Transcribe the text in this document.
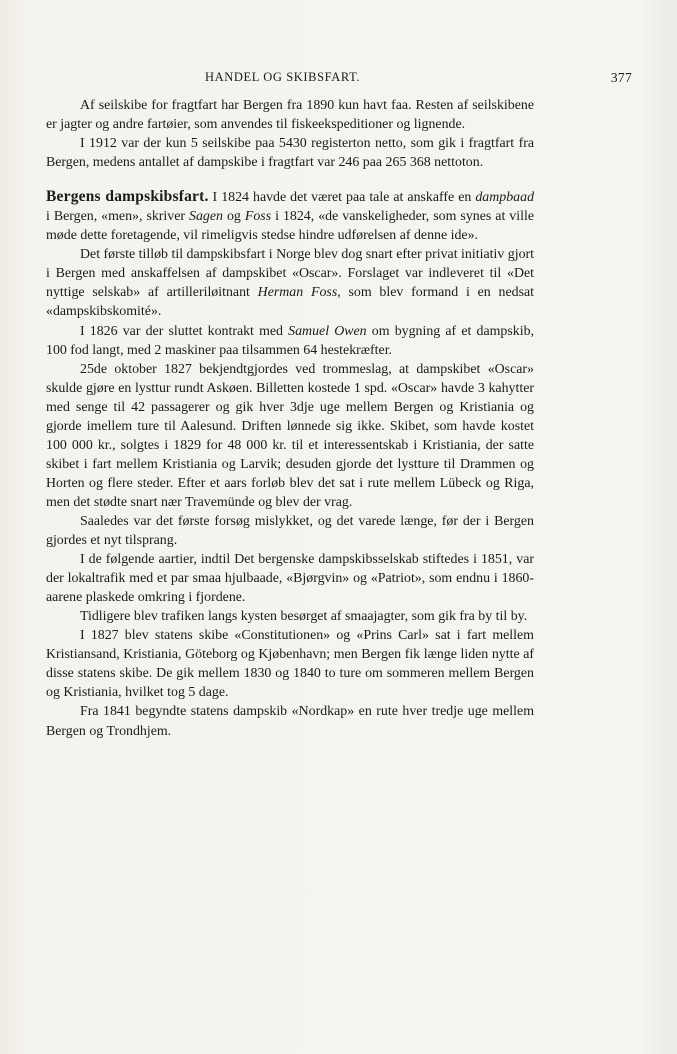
HANDEL OG SKIBSFART.	377

Af seilskibe for fragtfart har Bergen fra 1890 kun havt faa. Resten af seilskibene er jagter og andre fartøier, som anvendes til fiskeekspeditioner og lignende.

I 1912 var der kun 5 seilskibe paa 5430 registerton netto, som gik i fragtfart fra Bergen, medens antallet af dampskibe i fragtfart var 246 paa 265 368 nettoton.

Bergens dampskibsfart. I 1824 havde det været paa tale at anskaffe en dampbaad i Bergen, «men», skriver Sagen og Foss i 1824, «de vanskeligheder, som synes at ville møde dette foretagende, vil rimeligvis stedse hindre udførelsen af denne ide».

Det første tilløb til dampskibsfart i Norge blev dog snart efter privat initiativ gjort i Bergen med anskaffelsen af dampskibet «Oscar». Forslaget var indleveret til «Det nyttige selskab» af artilleriløitnant Herman Foss, som blev formand i en nedsat «dampskibskomité».

I 1826 var der sluttet kontrakt med Samuel Owen om bygning af et dampskib, 100 fod langt, med 2 maskiner paa tilsammen 64 hestekræfter.

25de oktober 1827 bekjendtgjordes ved trommeslag, at dampskibet «Oscar» skulde gjøre en lysttur rundt Askøen. Billetten kostede 1 spd. «Oscar» havde 3 kahytter med senge til 42 passagerer og gik hver 3dje uge mellem Bergen og Kristiania og gjorde imellem ture til Aalesund. Driften lønnede sig ikke. Skibet, som havde kostet 100 000 kr., solgtes i 1829 for 48 000 kr. til et interessentskab i Kristiania, der satte skibet i fart mellem Kristiania og Larvik; desuden gjorde det lystture til Drammen og Horten og flere steder. Efter et aars forløb blev det sat i rute mellem Lübeck og Riga, men det stødte snart nær Travemünde og blev der vrag.

Saaledes var det første forsøg mislykket, og det varede længe, før der i Bergen gjordes et nyt tilsprang.

I de følgende aartier, indtil Det bergenske dampskibsselskab stiftedes i 1851, var der lokaltrafik med et par smaa hjulbaade, «Bjørgvin» og «Patriot», som endnu i 1860-aarene plaskede omkring i fjordene.

Tidligere blev trafiken langs kysten besørget af smaajagter, som gik fra by til by.

I 1827 blev statens skibe «Constitutionen» og «Prins Carl» sat i fart mellem Kristiansand, Kristiania, Göteborg og Kjøbenhavn; men Bergen fik længe liden nytte af disse statens skibe. De gik mellem 1830 og 1840 to ture om sommeren mellem Bergen og Kristiania, hvilket tog 5 dage.

Fra 1841 begyndte statens dampskib «Nordkap» en rute hver tredje uge mellem Bergen og Trondhjem.
